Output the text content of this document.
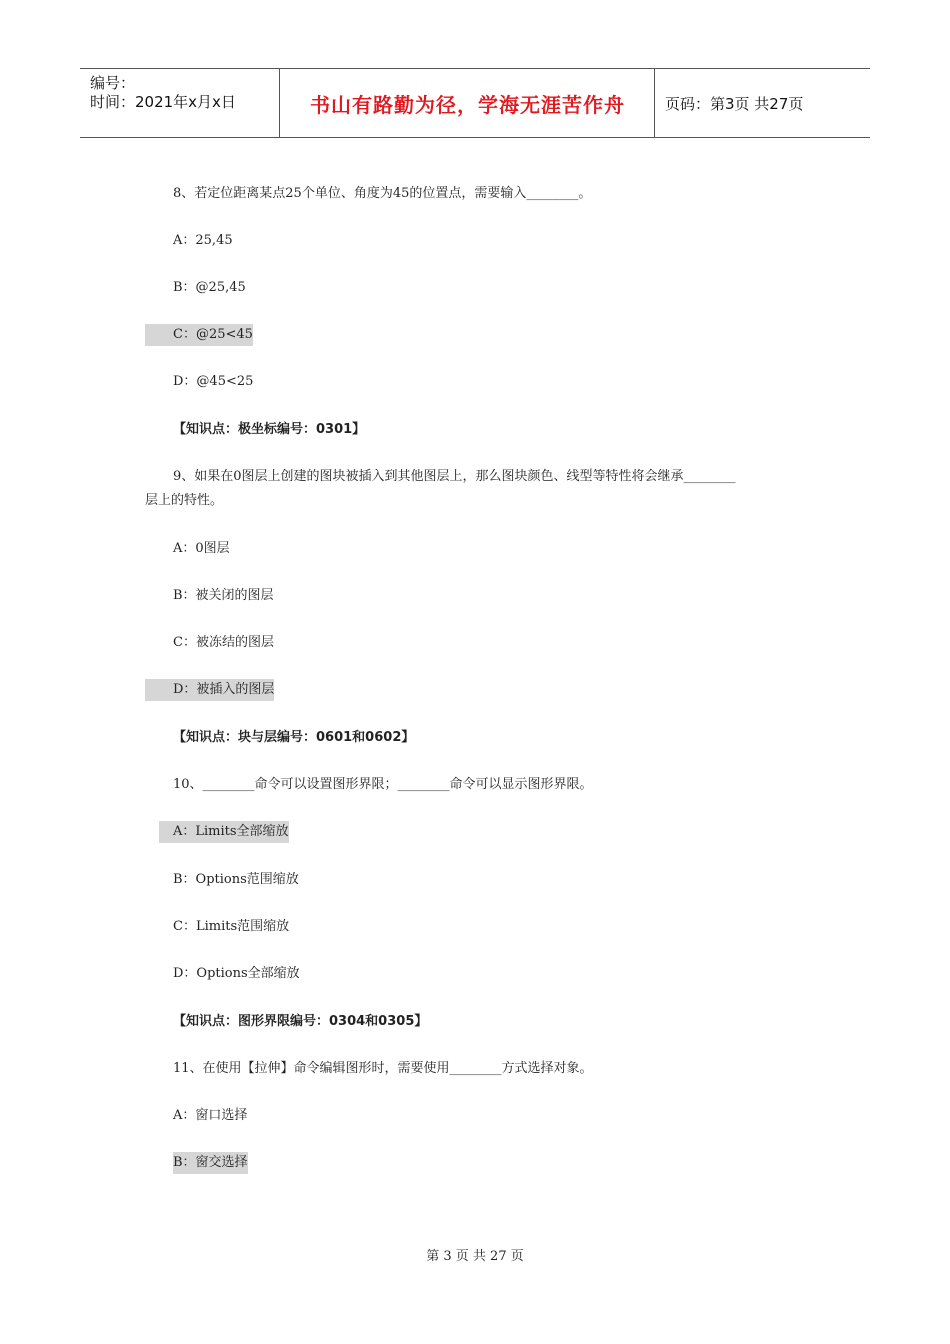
编号：
时间：2021年x月x日	书山有路勤为径，学海无涯苦作舟	页码：第3页 共27页
8、若定位距离某点25个单位、角度为45的位置点，需要输入________。
A：25,45
B：@25,45
C：@25<45
D：@45<25
【知识点：极坐标编号：0301】
9、如果在0图层上创建的图块被插入到其他图层上，那么图块颜色、线型等特性将会继承________
层上的特性。
A：0图层
B：被关闭的图层
C：被冻结的图层
D：被插入的图层
【知识点：块与层编号：0601和0602】
10、________命令可以设置图形界限；________命令可以显示图形界限。
A：Limits全部缩放
B：Options范围缩放
C：Limits范围缩放
D：Options全部缩放
【知识点：图形界限编号：0304和0305】
11、在使用【拉伸】命令编辑图形时，需要使用________方式选择对象。
A：窗口选择
B：窗交选择
第 3 页 共 27 页
